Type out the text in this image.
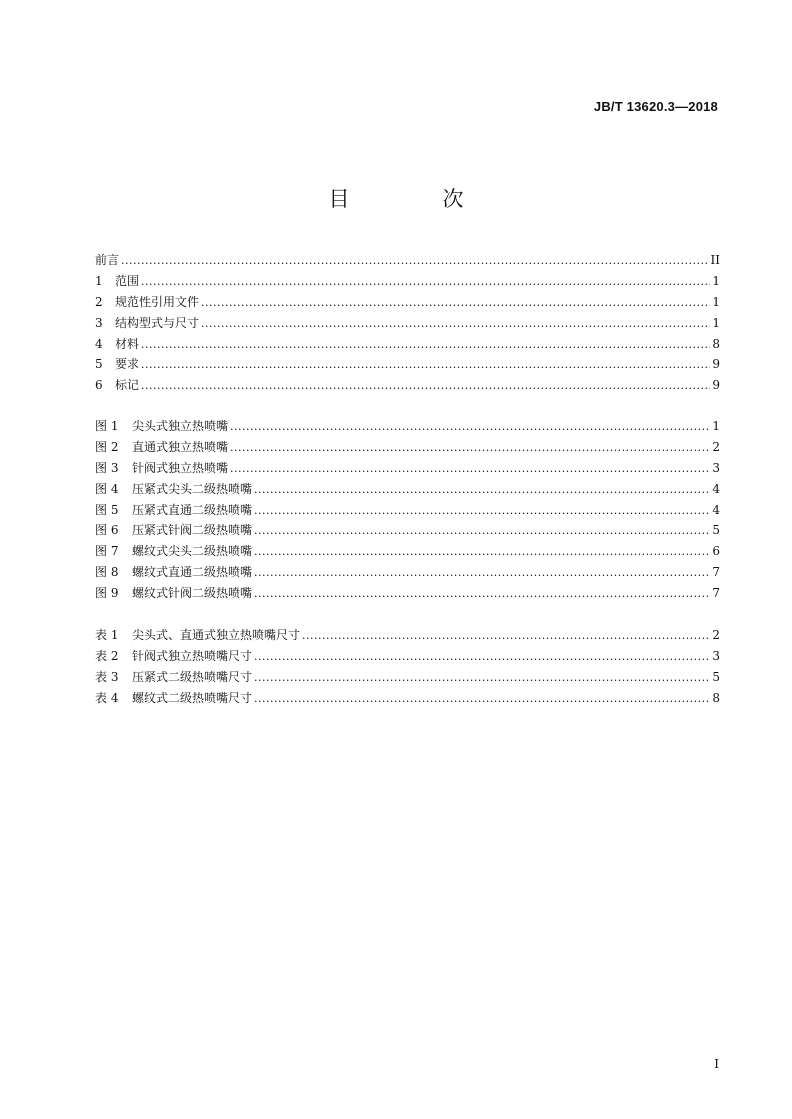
JB/T 13620.3—2018
目　次
前言 .....	II
1	范围 .....	1
2	规范性引用文件 .....	1
3	结构型式与尺寸 .....	1
4	材料 .....	8
5	要求 .....	9
6	标记 .....	9
图 1	尖头式独立热喷嘴 .....	1
图 2	直通式独立热喷嘴 .....	2
图 3	针阀式独立热喷嘴 .....	3
图 4	压紧式尖头二级热喷嘴 .....	4
图 5	压紧式直通二级热喷嘴 .....	4
图 6	压紧式针阀二级热喷嘴 .....	5
图 7	螺纹式尖头二级热喷嘴 .....	6
图 8	螺纹式直通二级热喷嘴 .....	7
图 9	螺纹式针阀二级热喷嘴 .....	7
表 1	尖头式、直通式独立热喷嘴尺寸 .....	2
表 2	针阀式独立热喷嘴尺寸 .....	3
表 3	压紧式二级热喷嘴尺寸 .....	5
表 4	螺纹式二级热喷嘴尺寸 .....	8
I
